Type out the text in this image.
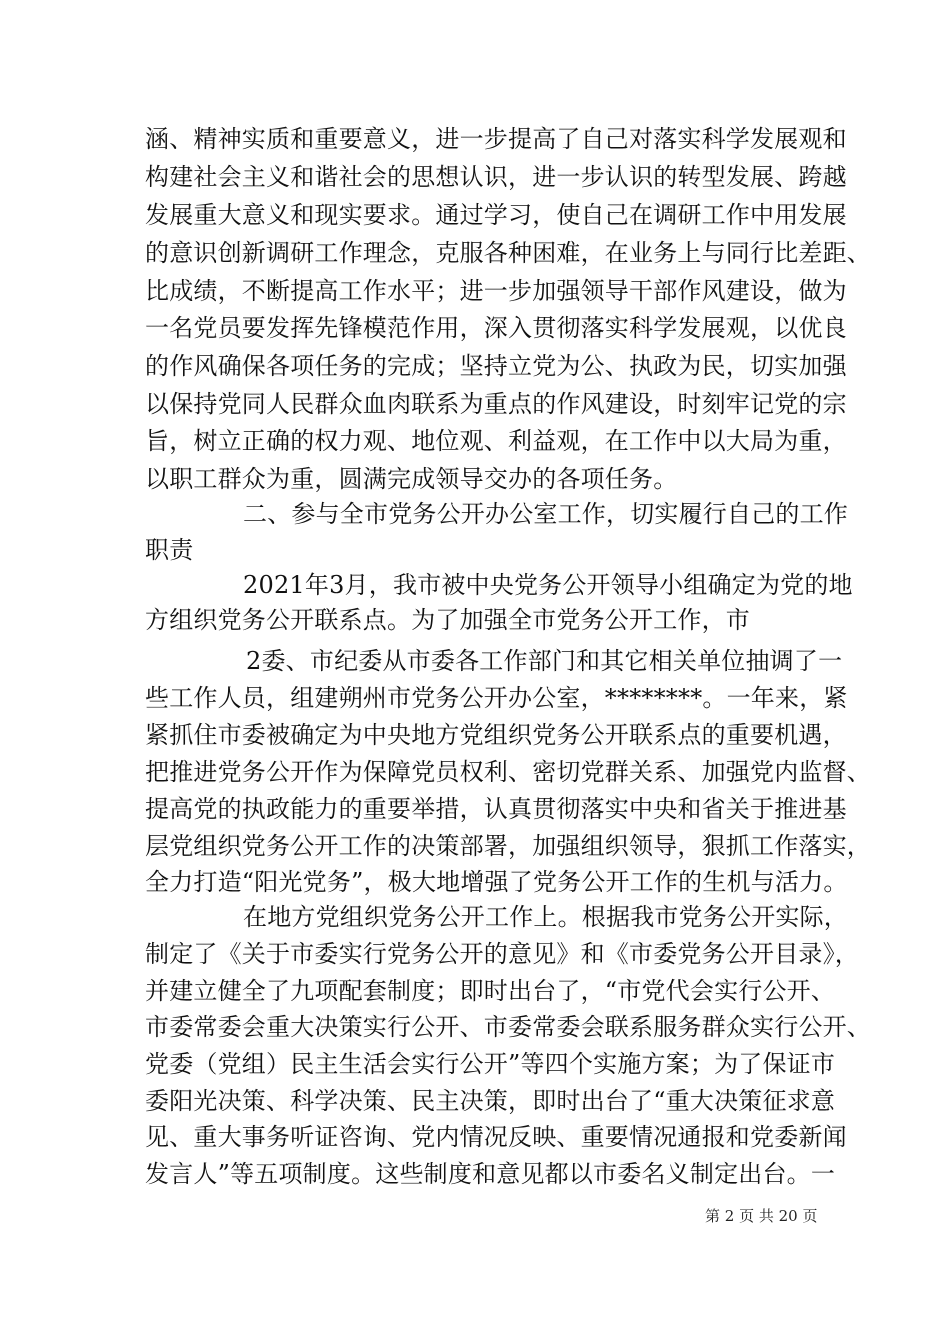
涵、精神实质和重要意义，进一步提高了自己对落实科学发展观和
构建社会主义和谐社会的思想认识，进一步认识的转型发展、跨越
发展重大意义和现实要求。通过学习，使自己在调研工作中用发展
的意识创新调研工作理念，克服各种困难，在业务上与同行比差距、
比成绩，不断提高工作水平；进一步加强领导干部作风建设，做为
一名党员要发挥先锋模范作用，深入贯彻落实科学发展观，以优良
的作风确保各项任务的完成；坚持立党为公、执政为民，切实加强
以保持党同人民群众血肉联系为重点的作风建设，时刻牢记党的宗
旨，树立正确的权力观、地位观、利益观，在工作中以大局为重，
以职工群众为重，圆满完成领导交办的各项任务。
二、参与全市党务公开办公室工作，切实履行自己的工作
职责
2021年3月，我市被中央党务公开领导小组确定为党的地
方组织党务公开联系点。为了加强全市党务公开工作，市
2委、市纪委从市委各工作部门和其它相关单位抽调了一
些工作人员，组建朔州市党务公开办公室，********。一年来，紧
紧抓住市委被确定为中央地方党组织党务公开联系点的重要机遇，
把推进党务公开作为保障党员权利、密切党群关系、加强党内监督、
提高党的执政能力的重要举措，认真贯彻落实中央和省关于推进基
层党组织党务公开工作的决策部署，加强组织领导，狠抓工作落实，
全力打造“阳光党务”，极大地增强了党务公开工作的生机与活力。
在地方党组织党务公开工作上。根据我市党务公开实际，
制定了《关于市委实行党务公开的意见》和《市委党务公开目录》，
并建立健全了九项配套制度；即时出台了，“市党代会实行公开、
市委常委会重大决策实行公开、市委常委会联系服务群众实行公开、
党委（党组）民主生活会实行公开”等四个实施方案；为了保证市
委阳光决策、科学决策、民主决策，即时出台了“重大决策征求意
见、重大事务听证咨询、党内情况反映、重要情况通报和党委新闻
发言人”等五项制度。这些制度和意见都以市委名义制定出台。一
第 2 页 共 20 页
